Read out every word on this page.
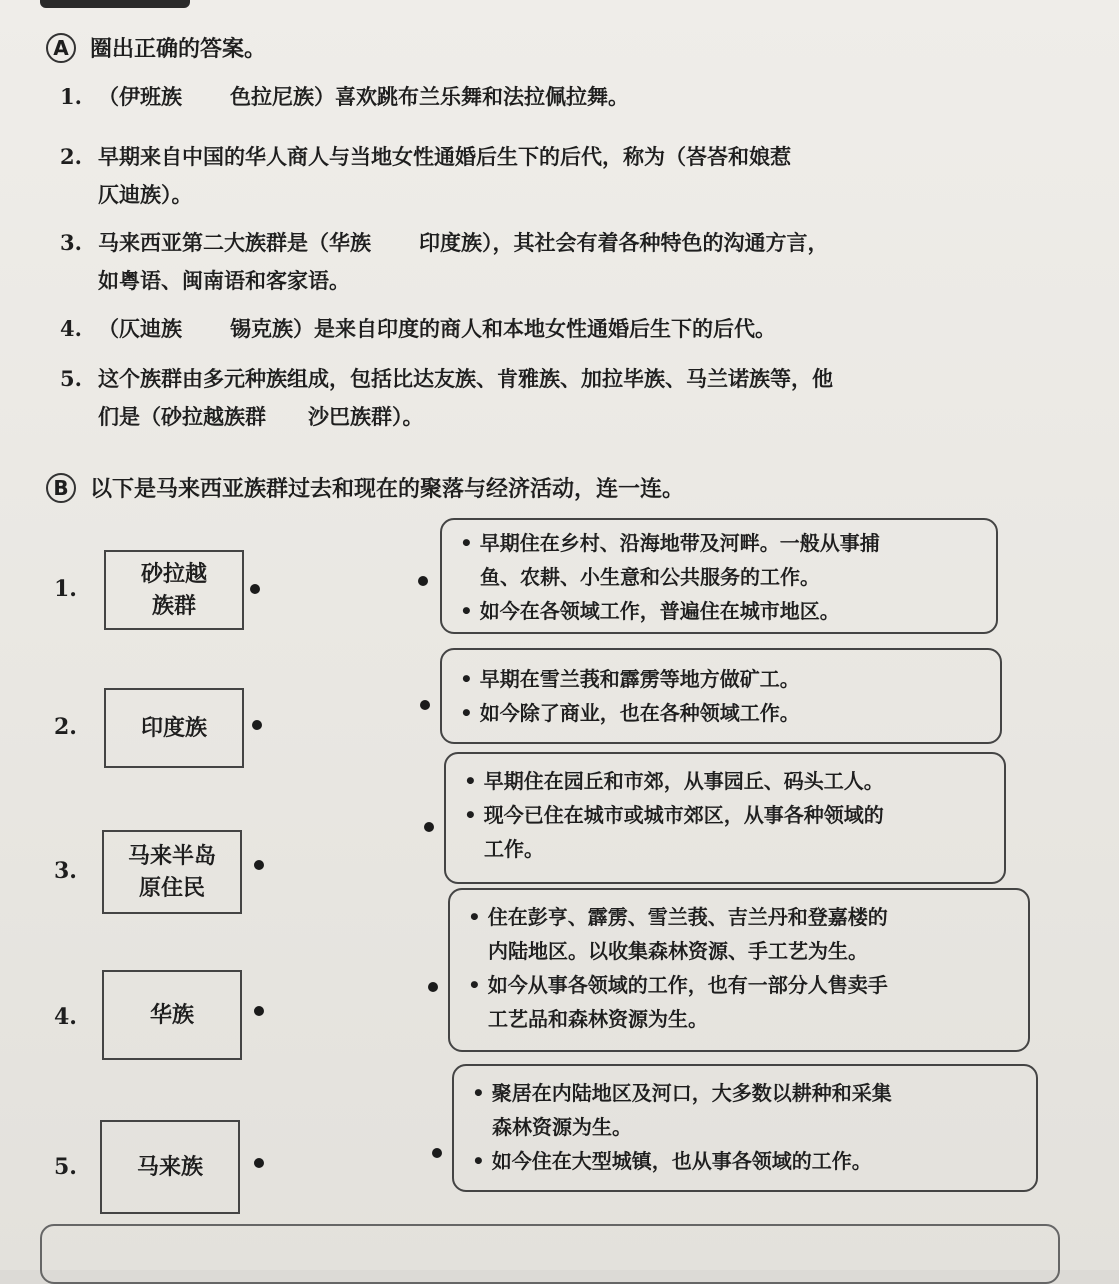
A 圈出正确的答案。
1. （伊班族 色拉尼族）喜欢跳布兰乐舞和法拉佩拉舞。
2. 早期来自中国的华人商人与当地女性通婚后生下的后代，称为（峇峇和娘惹
仄迪族）。
3. 马来西亚第二大族群是（华族 印度族），其社会有着各种特色的沟通方言，
如粤语、闽南语和客家语。
4. （仄迪族 锡克族）是来自印度的商人和本地女性通婚后生下的后代。
5. 这个族群由多元种族组成，包括比达友族、肯雅族、加拉毕族、马兰诺族等，他
们是（砂拉越族群　　沙巴族群）。
B 以下是马来西亚族群过去和现在的聚落与经济活动，连一连。
1.
砂拉越
族群
2.	印度族
3.
马来半岛
原住民
4.	华族
5.	马来族
• 早期住在乡村、沿海地带及河畔。一般从事捕
鱼、农耕、小生意和公共服务的工作。
• 如今在各领域工作，普遍住在城市地区。
• 早期在雪兰莪和霹雳等地方做矿工。
• 如今除了商业，也在各种领域工作。
• 早期住在园丘和市郊，从事园丘、码头工人。
• 现今已住在城市或城市郊区，从事各种领域的
工作。
• 住在彭亨、霹雳、雪兰莪、吉兰丹和登嘉楼的
内陆地区。以收集森林资源、手工艺为生。
• 如今从事各领域的工作，也有一部分人售卖手
工艺品和森林资源为生。
• 聚居在内陆地区及河口，大多数以耕种和采集
森林资源为生。
• 如今住在大型城镇，也从事各领域的工作。
